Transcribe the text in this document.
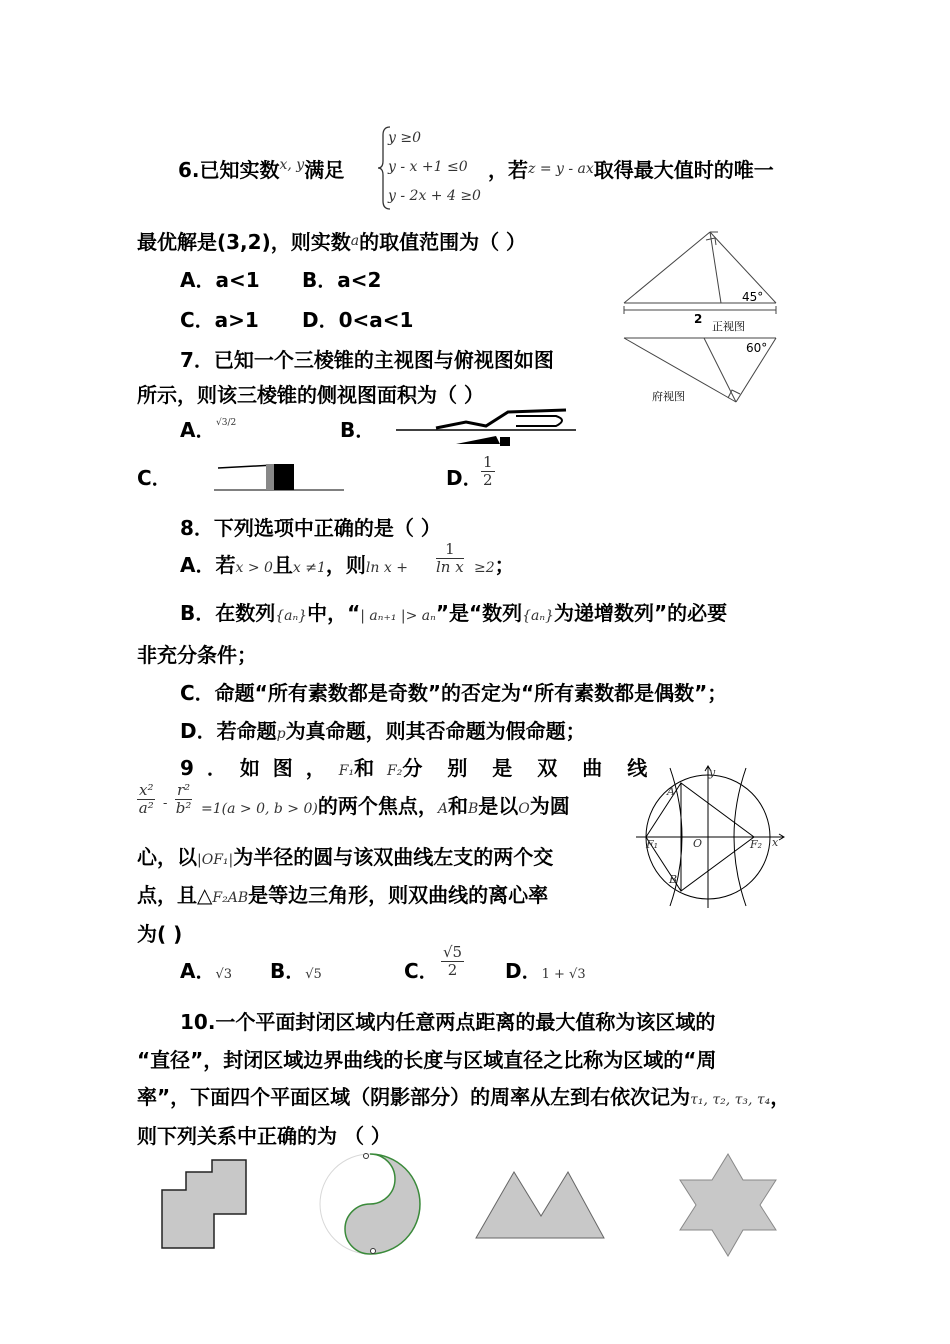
6.已知实数$^{x, y}$满足
y ≥0
y - x +1 ≤0
y - 2x + 4 ≥0
，若$^{z = y - ax}$取得最大值时的唯一
最优解是(3,2)，则实数$^a$的取值范围为（ ）
A．a<1 B．a<2
C．a>1 D．0<a<1
45°
2
正视图
60°
府视图
7．已知一个三棱锥的主视图与俯视图如图
所示，则该三棱锥的侧视图面积为（ ）
A． √3/2	B．
C．	D．
$\frac{1}{2}$
8．下列选项中正确的是（ ）
A．若x > 0且x ≠1，则$\ln x + \frac{1}{\text{ln x}} \ge 2$；
B．在数列{aₙ}中，“| aₙ₊₁ |> aₙ”是“数列{aₙ}为递增数列”的必要
非充分条件；
C．命题“所有素数都是奇数”的否定为“所有素数都是偶数”；
D．若命题p为真命题，则其否命题为假命题；
9 ． 如 图 ， F₁和 F₂分 别 是 双 曲 线
$\frac{\text{x²}}{\text{a²}} - \frac{\text{r²}}{\text{b²}} =1(a > 0$, b > 0)的两个焦点，A和B是以O为圆
心，以|OF₁|为半径的圆与该双曲线左支的两个交
点，且△F₂AB是等边三角形，则双曲线的离心率
为( )
A．√3 B．√5	C． $\frac{√5}{2}$ D．1 + √3
y
x
A
B
O
F₁	F₂
10.一个平面封闭区域内任意两点距离的最大值称为该区域的
“直径”，封闭区域边界曲线的长度与区域直径之比称为区域的“周
率”，下面四个平面区域（阴影部分）的周率从左到右依次记为τ₁, τ₂, τ₃, τ₄，
则下列关系中正确的为 （ ）
